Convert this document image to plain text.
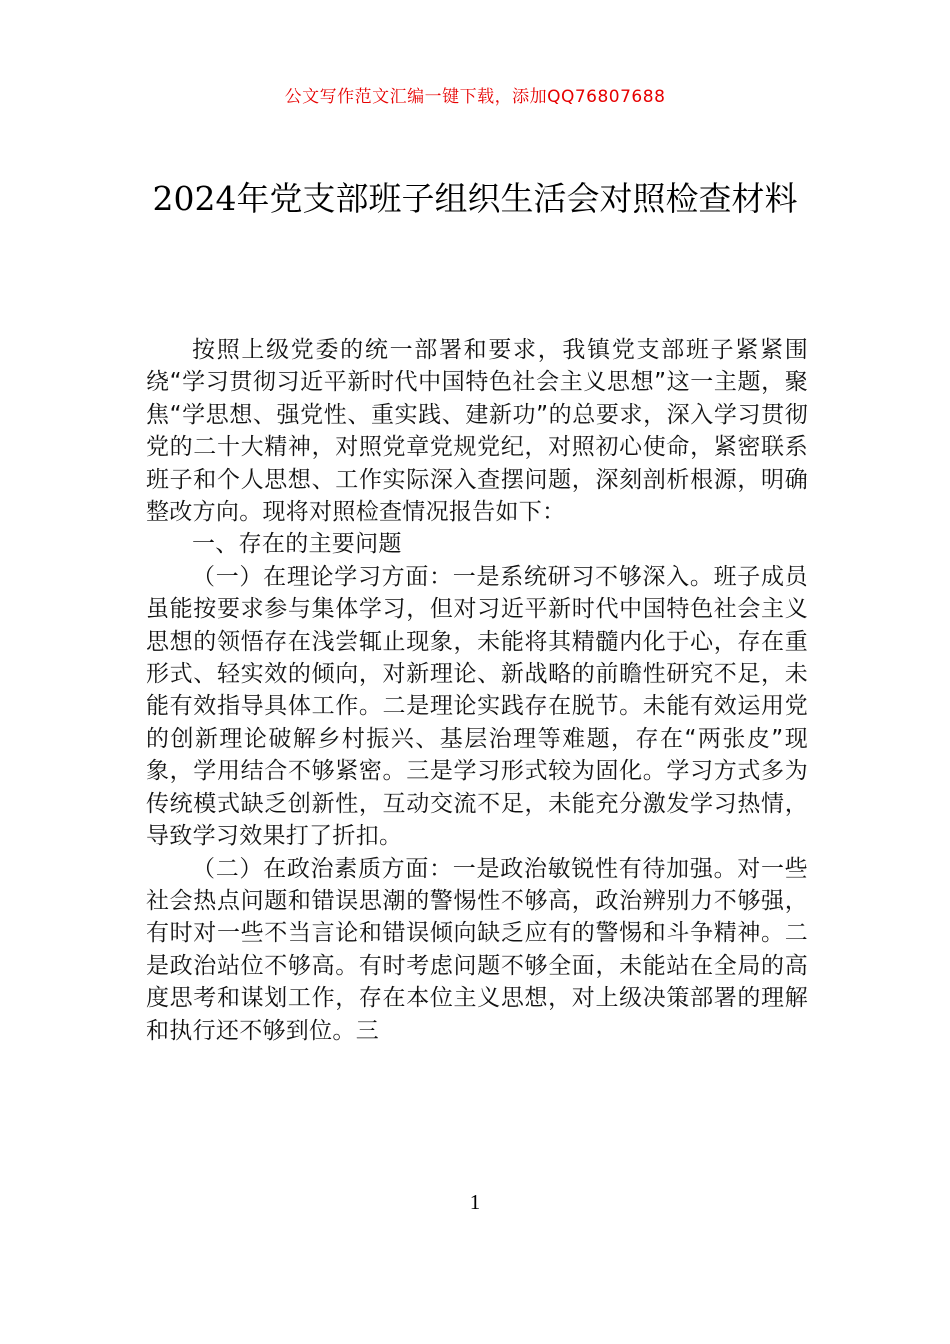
公文写作范文汇编一键下载，添加QQ76807688
2024年党支部班子组织生活会对照检查材料

按照上级党委的统一部署和要求，我镇党支部班子紧紧围绕“学习贯彻习近平新时代中国特色社会主义思想”这一主题，聚焦“学思想、强党性、重实践、建新功”的总要求，深入学习贯彻党的二十大精神，对照党章党规党纪，对照初心使命，紧密联系班子和个人思想、工作实际深入查摆问题，深刻剖析根源，明确整改方向。现将对照检查情况报告如下：

一、存在的主要问题

（一）在理论学习方面：一是系统研习不够深入。班子成员虽能按要求参与集体学习，但对习近平新时代中国特色社会主义思想的领悟存在浅尝辄止现象，未能将其精髓内化于心，存在重形式、轻实效的倾向，对新理论、新战略的前瞻性研究不足，未能有效指导具体工作。二是理论实践存在脱节。未能有效运用党的创新理论破解乡村振兴、基层治理等难题，存在“两张皮”现象，学用结合不够紧密。三是学习形式较为固化。学习方式多为传统模式缺乏创新性，互动交流不足，未能充分激发学习热情，导致学习效果打了折扣。

（二）在政治素质方面：一是政治敏锐性有待加强。对一些社会热点问题和错误思潮的警惕性不够高，政治辨别力不够强，有时对一些不当言论和错误倾向缺乏应有的警惕和斗争精神。二是政治站位不够高。有时考虑问题不够全面，未能站在全局的高度思考和谋划工作，存在本位主义思想，对上级决策部署的理解和执行还不够到位。三

1
